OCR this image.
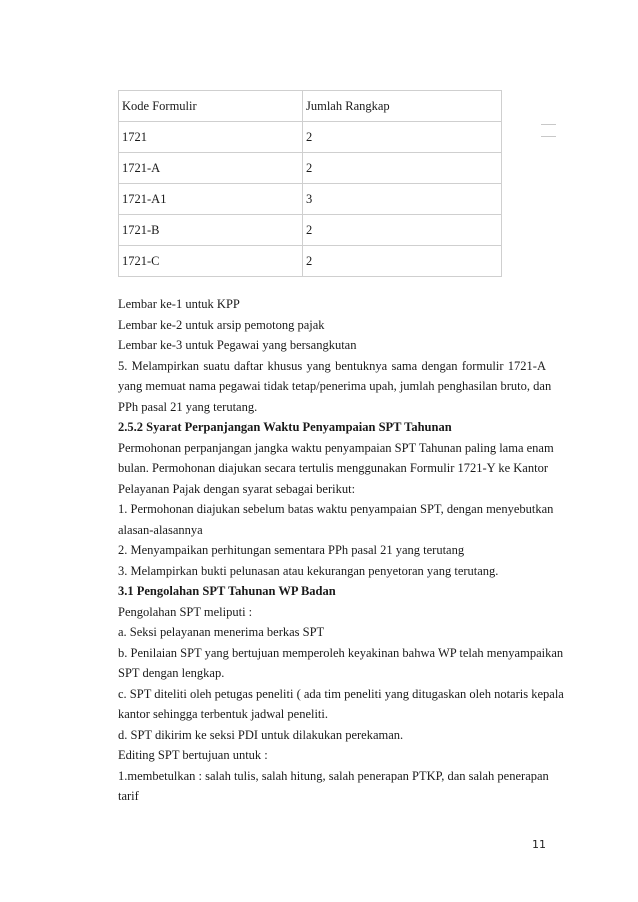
Kode Formulir	Jumlah Rangkap
1721	2
1721-A	2
1721-A1	3
1721-B	2
1721-C	2
Lembar ke-1 untuk KPP
Lembar ke-2 untuk arsip pemotong pajak
Lembar ke-3 untuk Pegawai yang bersangkutan
5. Melampirkan suatu daftar khusus yang bentuknya sama dengan formulir 1721-A
yang memuat nama pegawai tidak tetap/penerima upah, jumlah penghasilan bruto, dan
PPh pasal 21 yang terutang.
2.5.2 Syarat Perpanjangan Waktu Penyampaian SPT Tahunan
Permohonan perpanjangan jangka waktu penyampaian SPT Tahunan paling lama enam
bulan. Permohonan diajukan secara tertulis menggunakan Formulir 1721-Y ke Kantor
Pelayanan Pajak dengan syarat sebagai berikut:
1. Permohonan diajukan sebelum batas waktu penyampaian SPT, dengan menyebutkan
alasan-alasannya
2. Menyampaikan perhitungan sementara PPh pasal 21 yang terutang
3. Melampirkan bukti pelunasan atau kekurangan penyetoran yang terutang.
3.1 Pengolahan SPT Tahunan WP Badan
Pengolahan SPT meliputi :
a. Seksi pelayanan menerima berkas SPT
b. Penilaian SPT yang bertujuan memperoleh keyakinan bahwa WP telah menyampaikan
SPT dengan lengkap.
c. SPT diteliti oleh petugas peneliti ( ada tim peneliti yang ditugaskan oleh notaris kepala
kantor sehingga terbentuk jadwal peneliti.
d. SPT dikirim ke seksi PDI untuk dilakukan perekaman.
Editing SPT bertujuan untuk :
1.membetulkan : salah tulis, salah hitung, salah penerapan PTKP, dan salah penerapan
tarif
11
